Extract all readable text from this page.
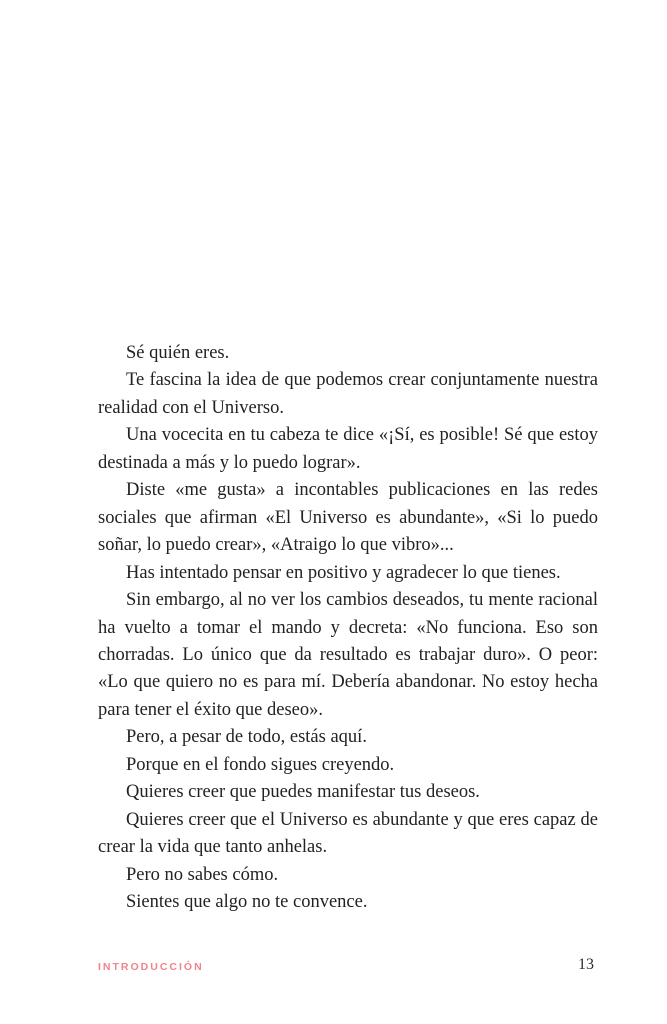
Sé quién eres.

Te fascina la idea de que podemos crear conjuntamente nuestra realidad con el Universo.

Una vocecita en tu cabeza te dice «¡Sí, es posible! Sé que estoy destinada a más y lo puedo lograr».

Diste «me gusta» a incontables publicaciones en las redes sociales que afirman «El Universo es abundante», «Si lo puedo soñar, lo puedo crear», «Atraigo lo que vibro»...

Has intentado pensar en positivo y agradecer lo que tienes.

Sin embargo, al no ver los cambios deseados, tu mente racional ha vuelto a tomar el mando y decreta: «No funciona. Eso son chorradas. Lo único que da resultado es trabajar duro». O peor: «Lo que quiero no es para mí. Debería abandonar. No estoy hecha para tener el éxito que deseo».

Pero, a pesar de todo, estás aquí.

Porque en el fondo sigues creyendo.

Quieres creer que puedes manifestar tus deseos.

Quieres creer que el Universo es abundante y que eres capaz de crear la vida que tanto anhelas.

Pero no sabes cómo.

Sientes que algo no te convence.

INTRODUCCIÓN	13
